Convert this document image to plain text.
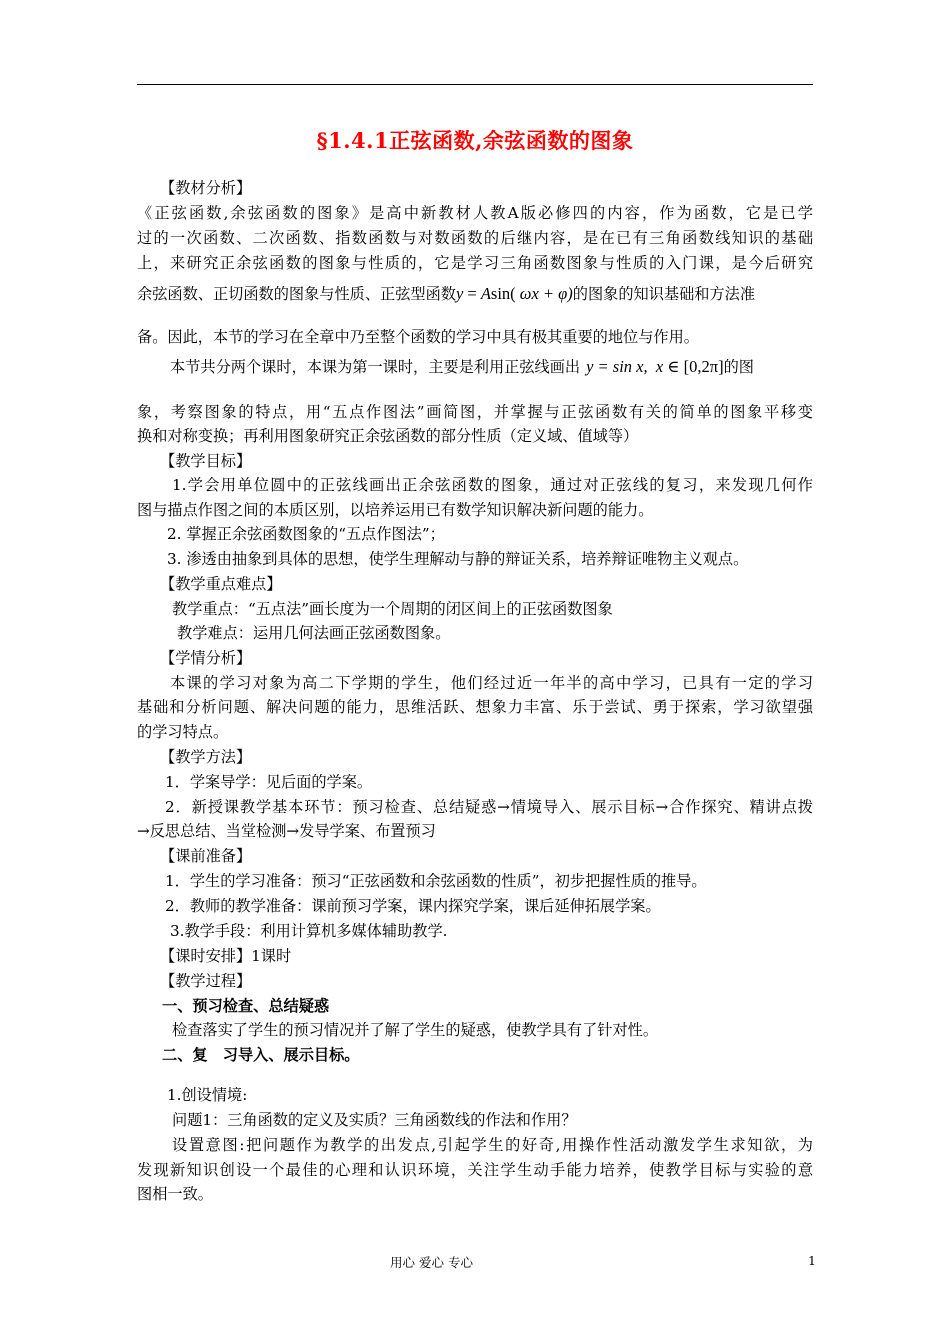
§1.4.1正弦函数,余弦函数的图象
【教材分析】
《正弦函数,余弦函数的图象》是高中新教材人教A版必修四的内容，作为函数，它是已学
过的一次函数、二次函数、指数函数与对数函数的后继内容，是在已有三角函数线知识的基础
上，来研究正余弦函数的图象与性质的，它是学习三角函数图象与性质的入门课，是今后研究
余弦函数、正切函数的图象与性质、正弦型函数y = Asin( ωx + φ)的图象的知识基础和方法准
备。因此，本节的学习在全章中乃至整个函数的学习中具有极其重要的地位与作用。
本节共分两个课时，本课为第一课时，主要是利用正弦线画出 y = sin x, x ∈ [0,2π]的图
象，考察图象的特点，用“五点作图法”画简图，并掌握与正弦函数有关的简单的图象平移变
换和对称变换；再利用图象研究正余弦函数的部分性质（定义域、值域等）
【教学目标】
1.学会用单位圆中的正弦线画出正余弦函数的图象，通过对正弦线的复习，来发现几何作
图与描点作图之间的本质区别，以培养运用已有数学知识解决新问题的能力。
2. 掌握正余弦函数图象的“五点作图法”；
3. 渗透由抽象到具体的思想，使学生理解动与静的辩证关系，培养辩证唯物主义观点。
【教学重点难点】
教学重点：“五点法”画长度为一个周期的闭区间上的正弦函数图象
教学难点：运用几何法画正弦函数图象。
【学情分析】
本课的学习对象为高二下学期的学生，他们经过近一年半的高中学习，已具有一定的学习
基础和分析问题、解决问题的能力，思维活跃、想象力丰富、乐于尝试、勇于探索，学习欲望强
的学习特点。
【教学方法】
1．学案导学：见后面的学案。
2．新授课教学基本环节：预习检查、总结疑惑→情境导入、展示目标→合作探究、精讲点拨
→反思总结、当堂检测→发导学案、布置预习
【课前准备】
1．学生的学习准备：预习“正弦函数和余弦函数的性质”，初步把握性质的推导。
2．教师的教学准备：课前预习学案，课内探究学案，课后延伸拓展学案。
3.教学手段：利用计算机多媒体辅助教学.
【课时安排】1课时
【教学过程】
一、预习检查、总结疑惑
检查落实了学生的预习情况并了解了学生的疑惑，使教学具有了针对性。
二、复　习导入、展示目标。
1.创设情境:
问题1：三角函数的定义及实质？三角函数线的作法和作用？
设置意图:把问题作为教学的出发点,引起学生的好奇,用操作性活动激发学生求知欲，为
发现新知识创设一个最佳的心理和认识环境，关注学生动手能力培养，使教学目标与实验的意
图相一致。
用心 爱心 专心	1
